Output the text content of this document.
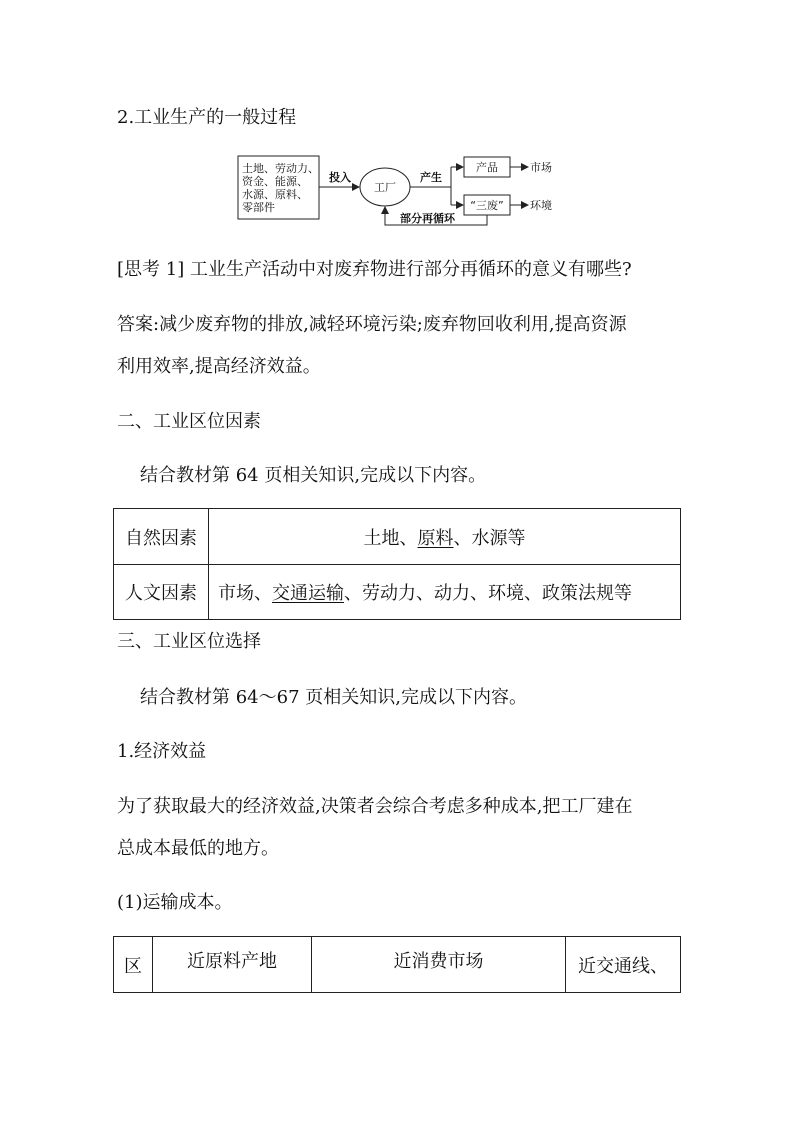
2.工业生产的一般过程
土地、劳动力、
资金、能源、
水源、原料、
零部件
投入
工厂
产生
产品	市场
“三废” 环境
部分再循环
[思考 1] 工业生产活动中对废弃物进行部分再循环的意义有哪些?
答案:减少废弃物的排放,减轻环境污染;废弃物回收利用,提高资源
利用效率,提高经济效益。
二、工业区位因素
结合教材第 64 页相关知识,完成以下内容。
自然因素	土地、原料、水源等
人文因素	市场、交通运输、劳动力、动力、环境、政策法规等
三、工业区位选择
结合教材第 64～67 页相关知识,完成以下内容。
1.经济效益
为了获取最大的经济效益,决策者会综合考虑多种成本,把工厂建在
总成本最低的地方。
(1)运输成本。
区	近原料产地	近消费市场	近交通线、
